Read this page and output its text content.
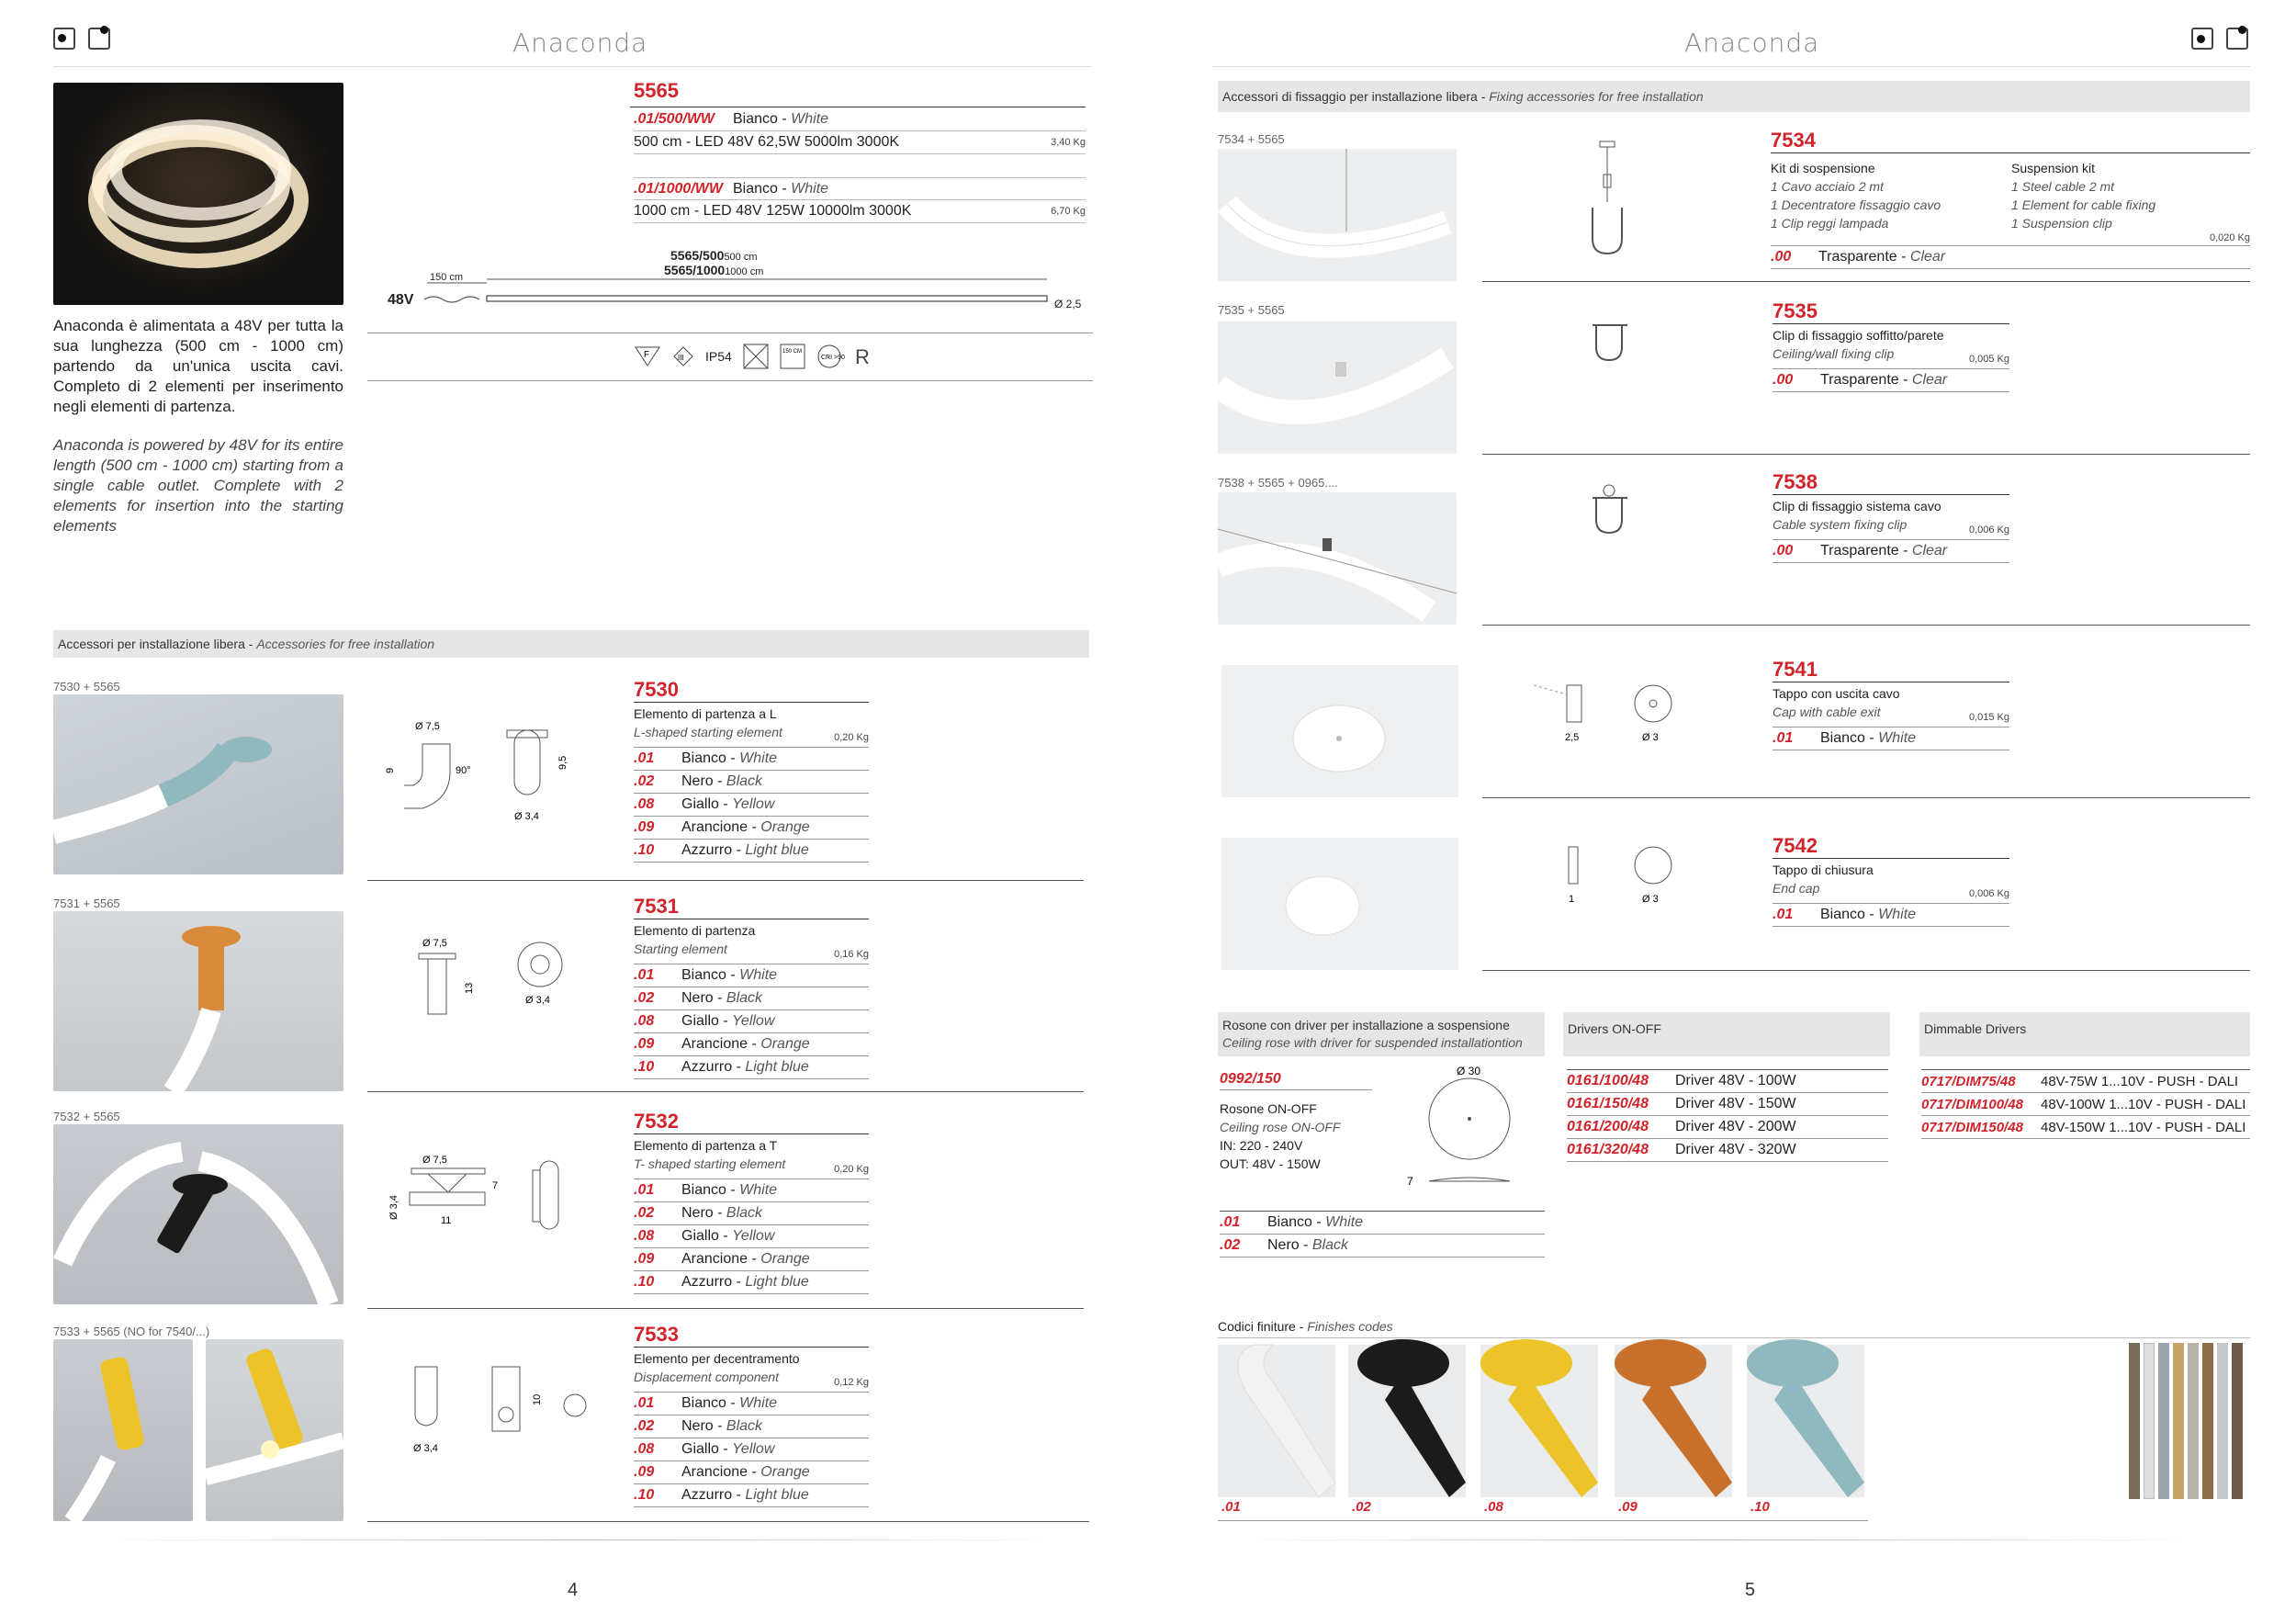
Anaconda
Anaconda è alimentata a 48V per tutta la sua lunghezza (500 cm - 1000 cm) partendo da un'unica uscita cavi. Completo di 2 elementi per inserimento negli elementi di partenza.
Anaconda is powered by 48V for its entire length (500 cm - 1000 cm) starting from a single cable outlet. Complete with 2 elements for insertion into the starting elements
5565
.01/500/WW	Bianco - White
500 cm - LED 48V 62,5W 5000lm 3000K	3,40 Kg
.01/1000/WW Bianco - White
1000 cm - LED 48V 125W 10000lm 3000K	6,70 Kg
5565/500500 cm
5565/10001000 cm
150 cm
48V	Ø 2,5
F	III IP54	150 CM
CRI >90 R
Accessori per installazione libera - Accessories for free installation
7530 + 5565
Ø 7,5
9	90°
9,5
Ø 3,4
7530
Elemento di partenza a L
L-shaped starting element	0,20 Kg
.01	Bianco - White
.02	Nero - Black
.08	Giallo - Yellow
.09	Arancione - Orange
.10	Azzurro - Light blue
7531 + 5565
Ø 7,5
13
Ø 3,4
7531
Elemento di partenza
Starting element	0,16 Kg
.01	Bianco - White
.02	Nero - Black
.08	Giallo - Yellow
.09	Arancione - Orange
.10	Azzurro - Light blue
7532 + 5565
Ø 7,5
Ø 3,4
7
11
7532
Elemento di partenza a T
T- shaped starting element	0,20 Kg
.01	Bianco - White
.02	Nero - Black
.08	Giallo - Yellow
.09	Arancione - Orange
.10	Azzurro - Light blue
7533 + 5565 (NO for 7540/...)
10
Ø 3,4
7533
Elemento per decentramento
Displacement component	0,12 Kg
.01	Bianco - White
.02	Nero - Black
.08	Giallo - Yellow
.09	Arancione - Orange
.10	Azzurro - Light blue
4
Anaconda
Accessori di fissaggio per installazione libera -
Fixing accessories for free installation
7534 + 5565	7534
Kit di sospensione
1 Cavo acciaio 2 mt
1 Decentratore fissaggio cavo
1 Clip reggi lampada
Suspension kit
1 Steel cable 2 mt
1 Element for cable fixing
1 Suspension clip
0,020 Kg
.00	Trasparente - Clear
7535 + 5565	7535
Clip di fissaggio soffitto/parete
Ceiling/wall fixing clip	0,005 Kg
.00	Trasparente - Clear
7538 + 5565 + 0965....	7538
Clip di fissaggio sistema cavo
Cable system fixing clip	0,006 Kg
.00	Trasparente - Clear
2,5	Ø 3
7541
Tappo con uscita cavo
Cap with cable exit	0,015 Kg
.01	Bianco - White
1	Ø 3
7542
Tappo di chiusura
End cap	0,006 Kg
.01	Bianco - White
Rosone con driver per installazione a sospensione
Ceiling rose with driver for suspended installationtion
0992/150
Rosone ON-OFF
Ceiling rose ON-OFF
IN: 220 - 240V
OUT: 48V - 150W
Ø 30
7
.01	Bianco - White
.02	Nero - Black
Drivers ON-OFF
0161/100/48	Driver 48V - 100W
0161/150/48	Driver 48V - 150W
0161/200/48	Driver 48V - 200W
0161/320/48	Driver 48V - 320W
Dimmable Drivers
0717/DIM75/48	48V-75W 1...10V - PUSH - DALI
0717/DIM100/48	48V-100W 1...10V - PUSH - DALI
0717/DIM150/48	48V-150W 1...10V - PUSH - DALI
Codici finiture - Finishes codes
.01	.02	.08	.09	.10
5
